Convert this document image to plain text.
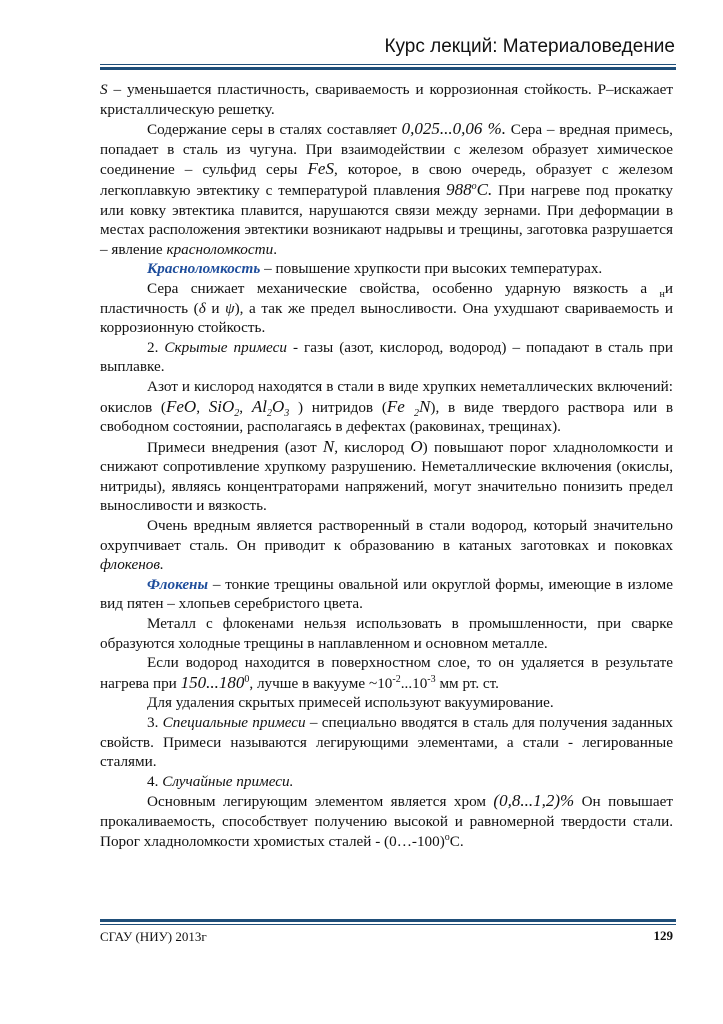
Курс лекций: Материаловедение

S – уменьшается пластичность, свариваемость и коррозионная стойкость. Р–искажает кристаллическую решетку.

Содержание серы в сталях составляет 0,025...0,06 %. Сера – вредная примесь, попадает в сталь из чугуна. При взаимодействии с железом образует химическое соединение – сульфид серы FeS, которое, в свою очередь, образует с железом легкоплавкую эвтектику с температурой плавления 988$^o$C. При нагреве под прокатку или ковку эвтектика плавится, нарушаются связи между зернами. При деформации в местах расположения эвтектики возникают надрывы и трещины, заготовка разрушается – явление красноломкости.

Красноломкость – повышение хрупкости при высоких температурах.

Сера снижает механические свойства, особенно ударную вязкость а $_н$и пластичность (δ и ψ), а так же предел выносливости. Она ухудшают свариваемость и коррозионную стойкость.

2. Скрытые примеси - газы (азот, кислород, водород) – попадают в сталь при выплавке.

Азот и кислород находятся в стали в виде хрупких неметаллических включений: окислов (FeO, SiO$_2$, $Al_2O_3$ ) нитридов (Fe $_2$N), в виде твердого раствора или в свободном состоянии, располагаясь в дефектах (раковинах, трещинах).

Примеси внедрения (азот N, кислород O) повышают порог хладноломкости и снижают сопротивление хрупкому разрушению. Неметаллические включения (окислы, нитриды), являясь концентраторами напряжений, могут значительно понизить предел выносливости и вязкость.

Очень вредным является растворенный в стали водород, который значительно охрупчивает сталь. Он приводит к образованию в катаных заготовках и поковках флокенов.

Флокены – тонкие трещины овальной или округлой формы, имеющие в изломе вид пятен – хлопьев серебристого цвета.

Металл с флокенами нельзя использовать в промышленности, при сварке образуются холодные трещины в наплавленном и основном металле.

Если водород находится в поверхностном слое, то он удаляется в результате нагрева при 150...180$^0$, лучше в вакууме $\sim 10^{-2}...10^{-3}$ мм рт. ст.

Для удаления скрытых примесей используют вакуумирование.

3. Специальные примеси – специально вводятся в сталь для получения заданных свойств. Примеси называются легирующими элементами, а стали - легированные сталями.

4. Случайные примеси.

Основным легирующим элементом является хром (0,8...1,2)% Он повышает прокаливаемость, способствует получению высокой и равномерной твердости стали. Порог хладноломкости хромистых сталей - (0…-100)$^o$C.

СГАУ (НИУ) 2013г	129
